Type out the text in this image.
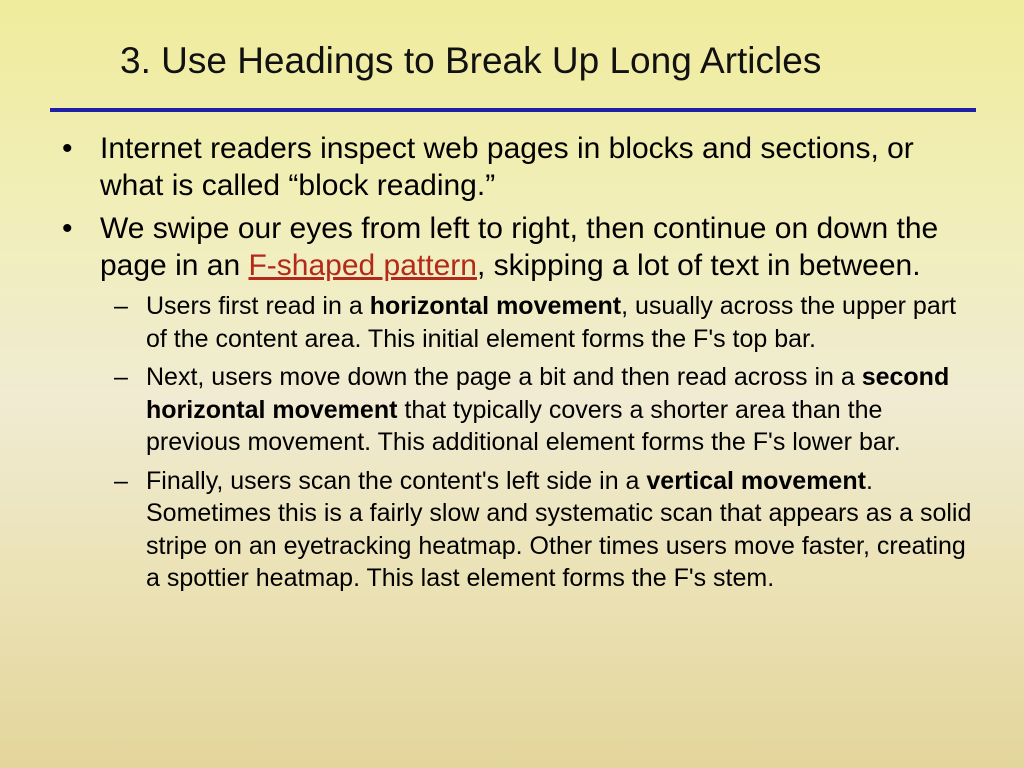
3. Use Headings to Break Up Long Articles
• Internet readers inspect web pages in blocks and sections, or what is called “block reading.”
• We swipe our eyes from left to right, then continue on down the page in an F-shaped pattern, skipping a lot of text in between.
– Users first read in a horizontal movement, usually across the upper part of the content area. This initial element forms the F's top bar.
– Next, users move down the page a bit and then read across in a second horizontal movement that typically covers a shorter area than the previous movement. This additional element forms the F's lower bar.
– Finally, users scan the content's left side in a vertical movement. Sometimes this is a fairly slow and systematic scan that appears as a solid stripe on an eyetracking heatmap. Other times users move faster, creating a spottier heatmap. This last element forms the F's stem.
